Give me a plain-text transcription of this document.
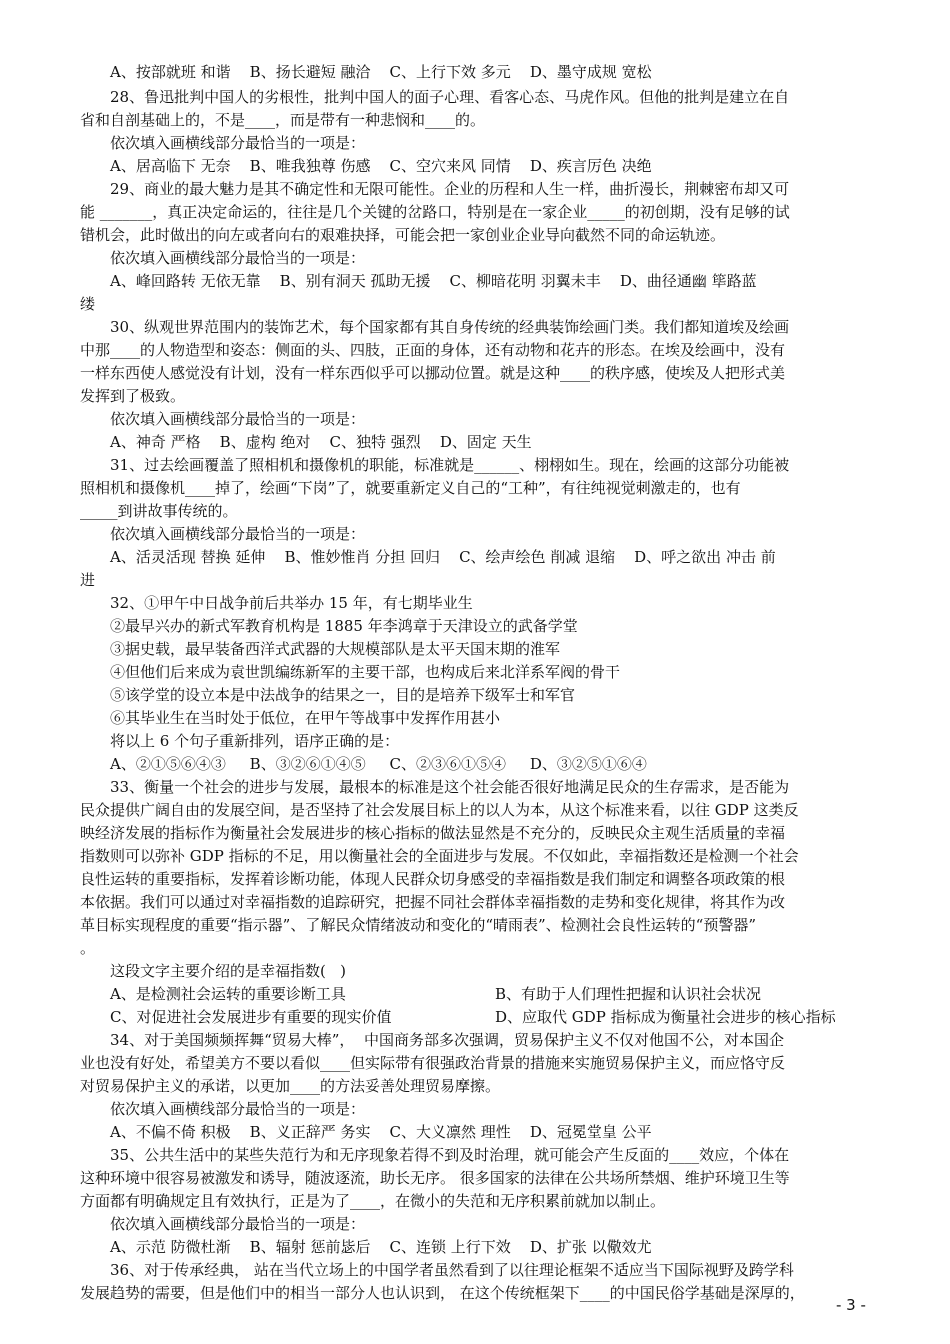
A、按部就班 和谐    B、扬长避短 融洽    C、上行下效 多元    D、墨守成规 宽松
28、鲁迅批判中国人的劣根性，批判中国人的面子心理、看客心态、马虎作风。但他的批判是建立在自
省和自剖基础上的，不是____，而是带有一种悲悯和____的。
依次填入画横线部分最恰当的一项是：
A、居高临下 无奈    B、唯我独尊 伤感    C、空穴来风 同情    D、疾言厉色 决绝
29、商业的最大魅力是其不确定性和无限可能性。企业的历程和人生一样，曲折漫长，荆棘密布却又可
能 _______，真正决定命运的，往往是几个关键的岔路口，特别是在一家企业_____的初创期，没有足够的试
错机会，此时做出的向左或者向右的艰难抉择，可能会把一家创业企业导向截然不同的命运轨迹。
依次填入画横线部分最恰当的一项是：
A、峰回路转 无依无靠    B、别有洞天 孤助无援    C、柳暗花明 羽翼未丰    D、曲径通幽 筚路蓝
缕
30、纵观世界范围内的装饰艺术，每个国家都有其自身传统的经典装饰绘画门类。我们都知道埃及绘画
中那____的人物造型和姿态：侧面的头、四肢，正面的身体，还有动物和花卉的形态。在埃及绘画中，没有
一样东西使人感觉没有计划，没有一样东西似乎可以挪动位置。就是这种____的秩序感，使埃及人把形式美
发挥到了极致。
依次填入画横线部分最恰当的一项是：
A、神奇 严格    B、虚构 绝对    C、独特 强烈    D、固定 天生
31、过去绘画覆盖了照相机和摄像机的职能，标准就是______、栩栩如生。现在，绘画的这部分功能被
照相机和摄像机____掉了，绘画“下岗”了，就要重新定义自己的“工种”，有往纯视觉刺激走的，也有
_____到讲故事传统的。
依次填入画横线部分最恰当的一项是：
A、活灵活现 替换 延伸    B、惟妙惟肖 分担 回归    C、绘声绘色 削减 退缩    D、呼之欲出 冲击 前
进
32、①甲午中日战争前后共举办 15 年，有七期毕业生
②最早兴办的新式军教育机构是 1885 年李鸿章于天津设立的武备学堂
③据史载，最早装备西洋式武器的大规模部队是太平天国末期的淮军
④但他们后来成为袁世凯编练新军的主要干部，也构成后来北洋系军阀的骨干
⑤该学堂的设立本是中法战争的结果之一，目的是培养下级军士和军官
⑥其毕业生在当时处于低位，在甲午等战事中发挥作用甚小
将以上 6 个句子重新排列，语序正确的是：
A、②①⑤⑥④③     B、③②⑥①④⑤     C、②③⑥①⑤④     D、③②⑤①⑥④
33、衡量一个社会的进步与发展，最根本的标准是这个社会能否很好地满足民众的生存需求，是否能为
民众提供广阔自由的发展空间，是否坚持了社会发展目标上的以人为本，从这个标准来看，以往 GDP 这类反
映经济发展的指标作为衡量社会发展进步的核心指标的做法显然是不充分的，反映民众主观生活质量的幸福
指数则可以弥补 GDP 指标的不足，用以衡量社会的全面进步与发展。不仅如此，幸福指数还是检测一个社会
良性运转的重要指标，发挥着诊断功能，体现人民群众切身感受的幸福指数是我们制定和调整各项政策的根
本依据。我们可以通过对幸福指数的追踪研究，把握不同社会群体幸福指数的走势和变化规律，将其作为改
革目标实现程度的重要“指示器”、了解民众情绪波动和变化的“晴雨表”、检测社会良性运转的“预警器”
。
这段文字主要介绍的是幸福指数(   )
A、是检测社会运转的重要诊断工具	B、有助于人们理性把握和认识社会状况
C、对促进社会发展进步有重要的现实价值	D、应取代 GDP 指标成为衡量社会进步的核心指标
34、对于美国频频挥舞“贸易大棒”，  中国商务部多次强调，贸易保护主义不仅对他国不公，对本国企
业也没有好处，希望美方不要以看似____但实际带有很强政治背景的措施来实施贸易保护主义，而应恪守反
对贸易保护主义的承诺，以更加____的方法妥善处理贸易摩擦。
依次填入画横线部分最恰当的一项是：
A、不偏不倚 积极    B、义正辞严 务实    C、大义凛然 理性    D、冠冕堂皇 公平
35、公共生活中的某些失范行为和无序现象若得不到及时治理，就可能会产生反面的____效应，个体在
这种环境中很容易被激发和诱导，随波逐流，助长无序。 很多国家的法律在公共场所禁烟、维护环境卫生等
方面都有明确规定且有效执行，正是为了____，在微小的失范和无序积累前就加以制止。
依次填入画横线部分最恰当的一项是：
A、示范 防微杜渐    B、辐射 惩前毖后    C、连锁 上行下效    D、扩张 以儆效尤
36、对于传承经典， 站在当代立场上的中国学者虽然看到了以往理论框架不适应当下国际视野及跨学科
发展趋势的需要，但是他们中的相当一部分人也认识到， 在这个传统框架下____的中国民俗学基础是深厚的，
- 3 -
